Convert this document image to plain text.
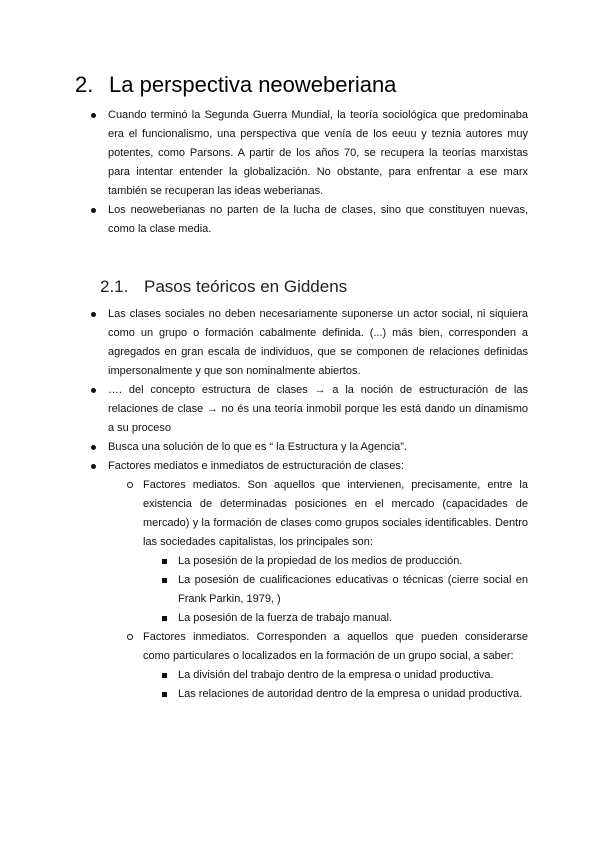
2. La perspectiva neoweberiana

Cuando terminó la Segunda Guerra Mundial, la teoría sociológica que predominaba era el funcionalismo, una perspectiva que venía de los eeuu y teznia autores muy potentes, como Parsons. A partir de los años 70, se recupera la teorías marxistas para intentar entender la globalización. No obstante, para enfrentar a ese marx también se recuperan las ideas weberianas.

Los neoweberianas no parten de la lucha de clases, sino que constituyen nuevas, como la clase media.

2.1. Pasos teóricos en Giddens

Las clases sociales no deben necesariamente suponerse un actor social, ni siquiera como un grupo o formación cabalmente definida. (...) más bien, corresponden a agregados en gran escala de individuos, que se componen de relaciones definidas impersonalmente y que son nominalmente abiertos.

…. del concepto estructura de clases → a la noción de estructuración de las relaciones de clase → no és una teoría inmobil porque les está dando un dinamismo a su proceso

Busca una solución de lo que es “ la Estructura y la Agencia”.

Factores mediatos e inmediatos de estructuración de clases:

Factores mediatos. Son aquellos que intervienen, precisamente, entre la existencia de determinadas posiciones en el mercado (capacidades de mercado) y la formación de clases como grupos sociales identificables. Dentro las sociedades capitalistas, los principales son:

La posesión de la propiedad de los medios de producción.

La posesión de cualificaciones educativas o técnicas (cierre social en Frank Parkin, 1979, )

La posesión de la fuerza de trabajo manual.

Factores inmediatos. Corresponden a aquellos que pueden considerarse como particulares o localizados en la formación de un grupo social, a saber:

La división del trabajo dentro de la empresa o unidad productiva.

Las relaciones de autoridad dentro de la empresa o unidad productiva.
